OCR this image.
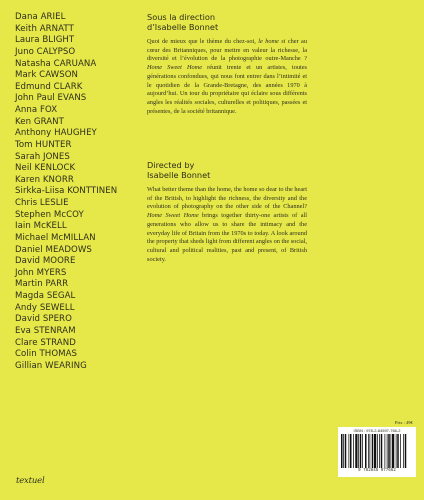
Dana ARIEL
Keith ARNATT
Laura BLIGHT
Juno CALYPSO
Natasha CARUANA
Mark CAWSON
Edmund CLARK
John Paul EVANS
Anna FOX
Ken GRANT
Anthony HAUGHEY
Tom HUNTER
Sarah JONES
Neil KENLOCK
Karen KNORR
Sirkka-Liisa KONTTINEN
Chris LESLIE
Stephen McCOY
Iain McKELL
Michael McMILLAN
Daniel MEADOWS
David MOORE
John MYERS
Martin PARR
Magda SEGAL
Andy SEWELL
David SPERO
Eva STENRAM
Clare STRAND
Colin THOMAS
Gillian WEARING
Sous la direction
d’Isabelle Bonnet

Quoi de mieux que le thème du chez-soi, le home si cher au cœur des Britanniques, pour mettre en valeur la richesse, la diversité et l’évolution de la photographie outre-Manche ? Home Sweet Home réunit trente et un artistes, toutes générations confondues, qui nous font entrer dans l’intimité et le quotidien de la Grande-Bretagne, des années 1970 à aujourd’hui. Un tour du propriétaire qui éclaire sous différents angles les réalités sociales, culturelles et politiques, passées et présentes, de la société britannique.

Directed by
Isabelle Bonnet

What better theme than the home, the home so dear to the heart of the British, to highlight the richness, the diversity and the evolution of photography on the other side of the Channel? Home Sweet Home brings together thirty-one artists of all generations who allow us to share the intimacy and the everyday life of Britain from the 1970s to today. A look around the property that sheds light from different angles on the social, cultural and political realities, past and present, of British society.

Prix : 49€
ISBN : 978-2-84597-766-2
9 782845 977662
textuel
